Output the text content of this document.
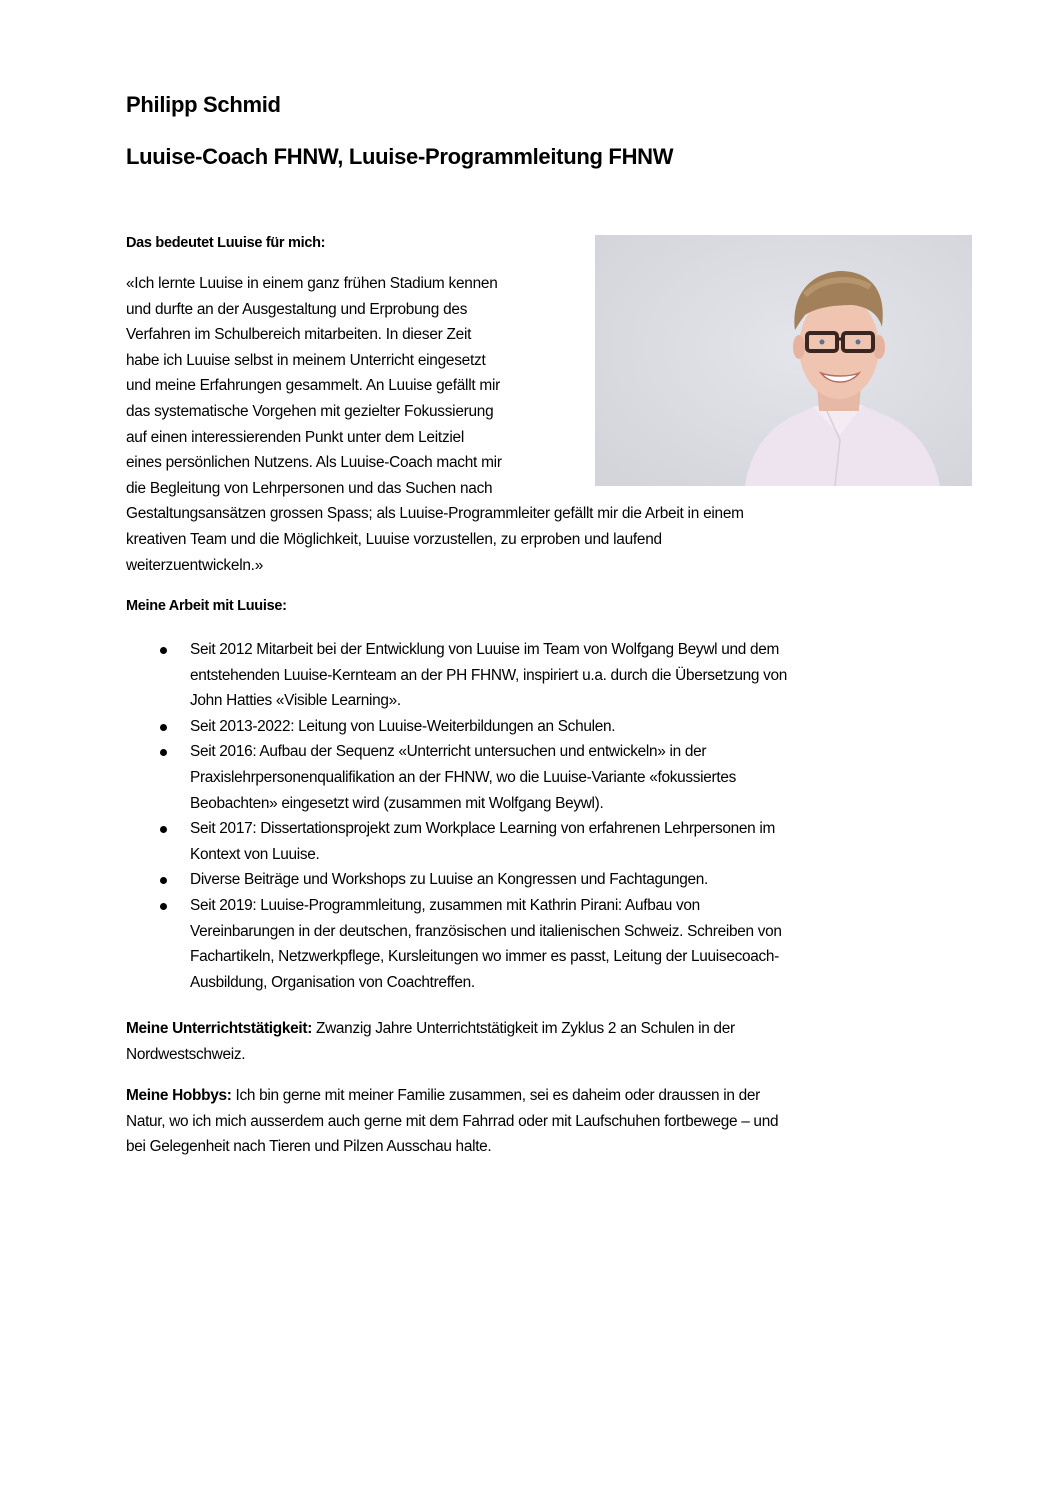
Philipp Schmid
Luuise-Coach FHNW, Luuise-Programmleitung FHNW
Das bedeutet Luuise für mich:
«Ich lernte Luuise in einem ganz frühen Stadium kennen
und durfte an der Ausgestaltung und Erprobung des
Verfahren im Schulbereich mitarbeiten. In dieser Zeit
habe ich Luuise selbst in meinem Unterricht eingesetzt
und meine Erfahrungen gesammelt. An Luuise gefällt mir
das systematische Vorgehen mit gezielter Fokussierung
auf einen interessierenden Punkt unter dem Leitziel
eines persönlichen Nutzens. Als Luuise-Coach macht mir
die Begleitung von Lehrpersonen und das Suchen nach
Gestaltungsansätzen grossen Spass; als Luuise-Programmleiter gefällt mir die Arbeit in einem
kreativen Team und die Möglichkeit, Luuise vorzustellen, zu erproben und laufend
weiterzuentwickeln.»
Meine Arbeit mit Luuise:
Seit 2012 Mitarbeit bei der Entwicklung von Luuise im Team von Wolfgang Beywl und dem
entstehenden Luuise-Kernteam an der PH FHNW, inspiriert u.a. durch die Übersetzung von
John Hatties «Visible Learning».
Seit 2013-2022: Leitung von Luuise-Weiterbildungen an Schulen.
Seit 2016: Aufbau der Sequenz «Unterricht untersuchen und entwickeln» in der
Praxislehrpersonenqualifikation an der FHNW, wo die Luuise-Variante «fokussiertes
Beobachten» eingesetzt wird (zusammen mit Wolfgang Beywl).
Seit 2017: Dissertationsprojekt zum Workplace Learning von erfahrenen Lehrpersonen im
Kontext von Luuise.
Diverse Beiträge und Workshops zu Luuise an Kongressen und Fachtagungen.
Seit 2019: Luuise-Programmleitung, zusammen mit Kathrin Pirani: Aufbau von
Vereinbarungen in der deutschen, französischen und italienischen Schweiz. Schreiben von
Fachartikeln, Netzwerkpflege, Kursleitungen wo immer es passt, Leitung der Luuisecoach-
Ausbildung, Organisation von Coachtreffen.
Meine Unterrichtstätigkeit: Zwanzig Jahre Unterrichtstätigkeit im Zyklus 2 an Schulen in der
Nordwestschweiz.
Meine Hobbys: Ich bin gerne mit meiner Familie zusammen, sei es daheim oder draussen in der
Natur, wo ich mich ausserdem auch gerne mit dem Fahrrad oder mit Laufschuhen fortbewege – und
bei Gelegenheit nach Tieren und Pilzen Ausschau halte.
